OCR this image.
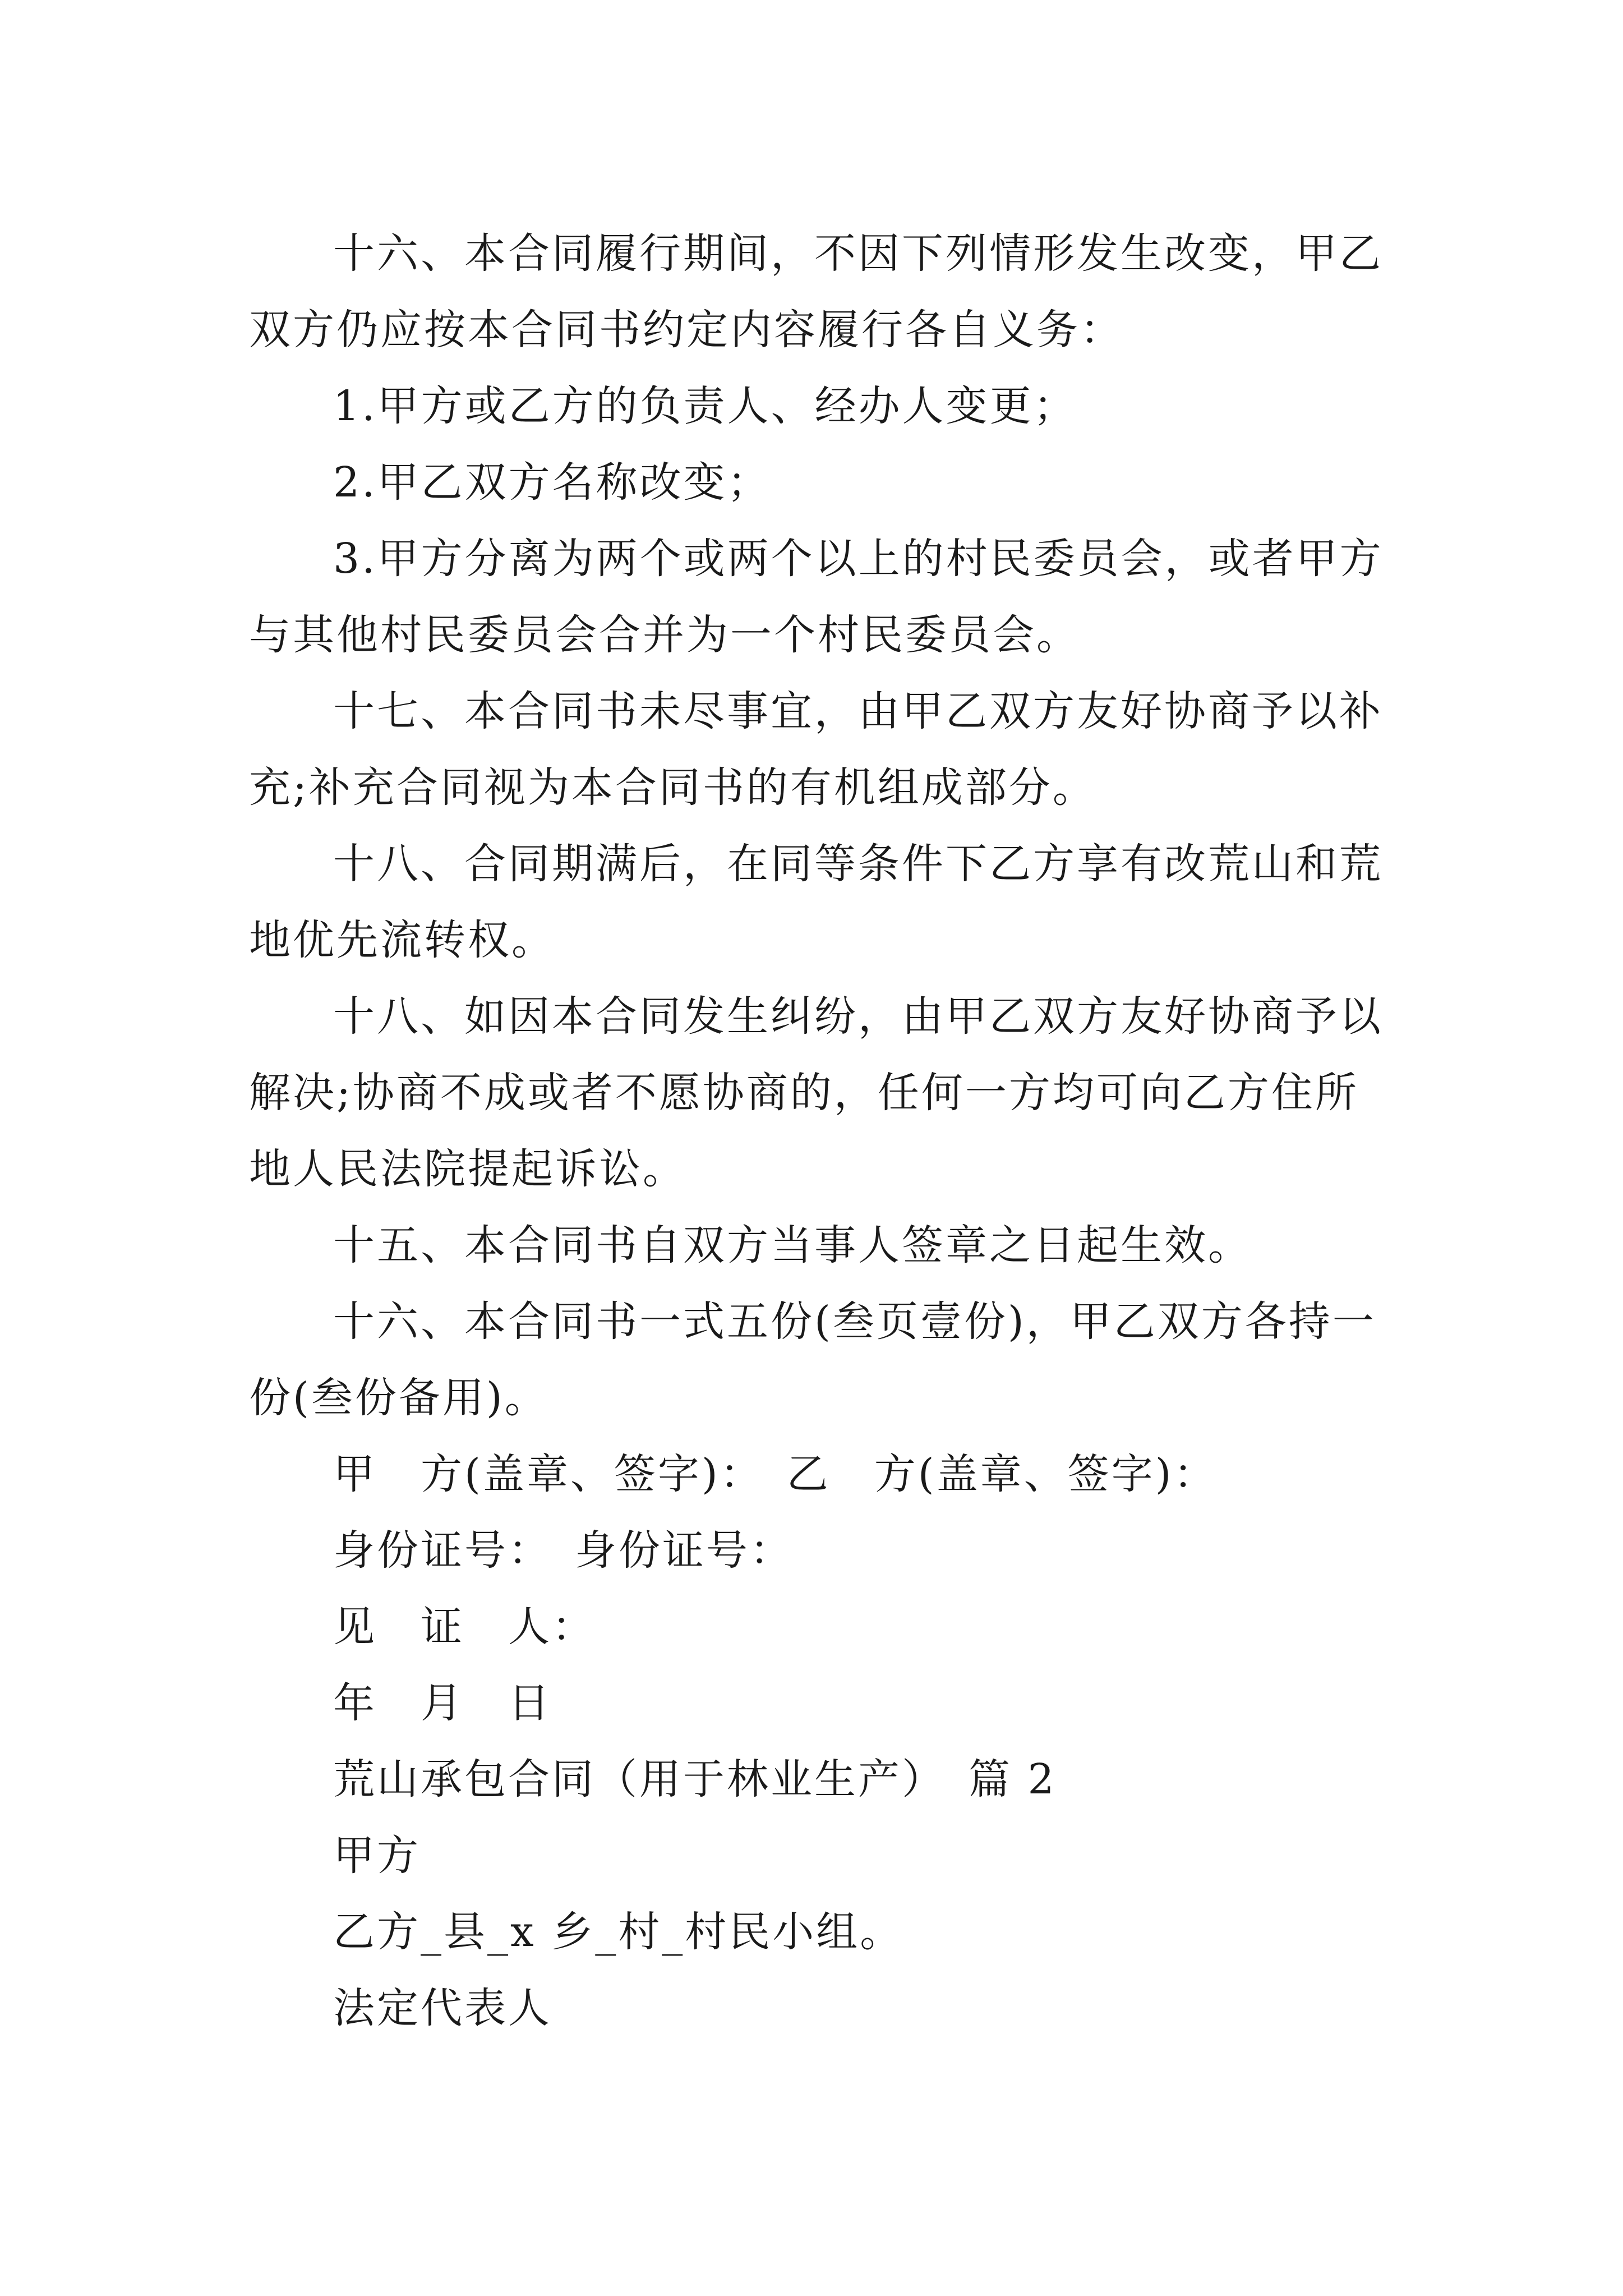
十六、本合同履行期间，不因下列情形发生改变，甲乙双方仍应按本合同书约定内容履行各自义务：

1.甲方或乙方的负责人、经办人变更；

2.甲乙双方名称改变；

3.甲方分离为两个或两个以上的村民委员会，或者甲方与其他村民委员会合并为一个村民委员会。

十七、本合同书未尽事宜，由甲乙双方友好协商予以补充;补充合同视为本合同书的有机组成部分。

十八、合同期满后，在同等条件下乙方享有改荒山和荒地优先流转权。

十八、如因本合同发生纠纷，由甲乙双方友好协商予以解决;协商不成或者不愿协商的，任何一方均可向乙方住所地人民法院提起诉讼。

十五、本合同书自双方当事人签章之日起生效。

十六、本合同书一式五份(叁页壹份)，甲乙双方各持一份(叁份备用)。

甲　方(盖章、签字)：　乙　方(盖章、签字)：

身份证号：　身份证号：

见　证　人：

年　月　日

荒山承包合同（用于林业生产）　篇 2

甲方

乙方_县_x 乡_村_村民小组。

法定代表人
